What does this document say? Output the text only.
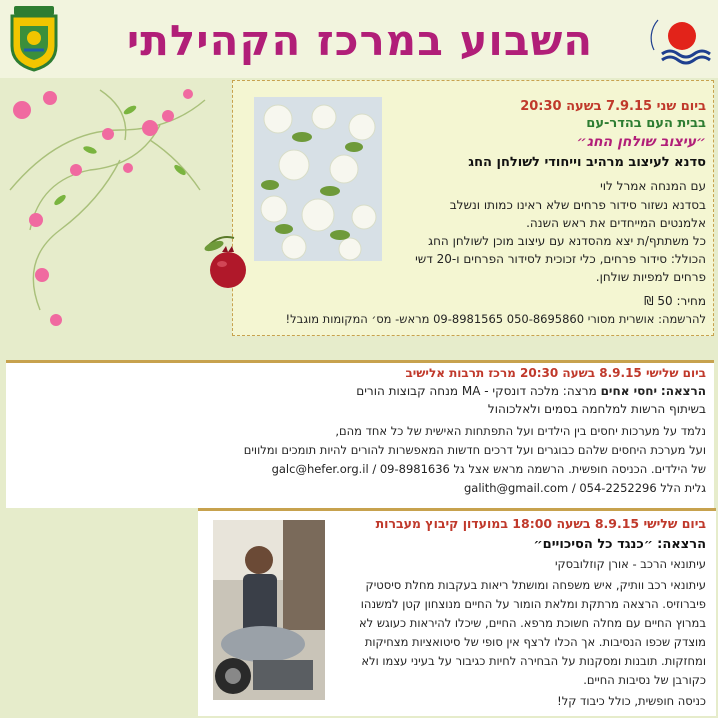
השבוע במרכז הקהילתי
ביום שני 7.9.15 בשעה 20:30
בבית העם בהדר-עם
״עיצוב שולחן החג״
סדנא לעיצוב מרהיב וייחודי לשולחן החג
עם המנחה אמרל לוי
בסדנא נשזור סידור פרחים שלא ראינו כמותו ונשלב
אלמנטים המייחדים את ראש השנה.
כל משתתף/ת יצא מהסדנא עם עיצוב מוכן לשולחן החג
הכולל: סידור פרחים, כלי זכוכית לסידור הפרחים ו-20 דשי
פרחים למפיות שולחן.
מחיר: 50 ₪
להרשמה: אושרית מסורי 050-8695860 09-8981565 מראש- מס׳ המקומות מוגבל!
ביום שלישי 8.9.15 בשעה 20:30 מרכז תרבות אלישיב
הרצאה: יחסי אחים מרצה: מלכה דונסקי - MA מנחה קבוצות הורים
בשיתוף הרשות למלחמה בסמים ולאלכוהול
נלמד על מערכות יחסים בין הילדים ועל התפתחות האישית של כל אחד מהם,
ועל מערכת היחסים שלהם כבוגרים ועל דרכים חדשות המאפשרות להורים להיות תומכים ומלווים
של הילדים. הכניסה חופשית. הרשמה מראש אצל גל 09-8981636 / galc@hefer.org.il
גלית הלל 054-2252296 / galith@gmail.com
ביום שלישי 8.9.15 בשעה 18:00 במועדון קיבוץ מעברות
הרצאה: ״כנגד כל הסיכויים״
עיתונאי הרכב - אורן קוזלובסקי
עיתונאי רכב וותיק, איש משפחה ומושתל ריאות בעקבות מחלת סיסטיק
פיברוזיס. הרצאה מרתקת ומלאת הומור על החיים מנוצחון קטן למשנהו
במרוץ החיים עם מחלה חשוכת מרפא. החיים, שיכלו להיראות כעוגש לא
מוצדק שכפו הנסיבות. אך הכלו לרצף אין סופי של סיטואציות מצחיקות
ומחזקות. תובנות ומסקנות על הבחירה לחיות כגיבור על בעיני עצמו ולא
כקורבן של נסיבות החיים.
כניסה חופשית, כולל כיבוד קל!
